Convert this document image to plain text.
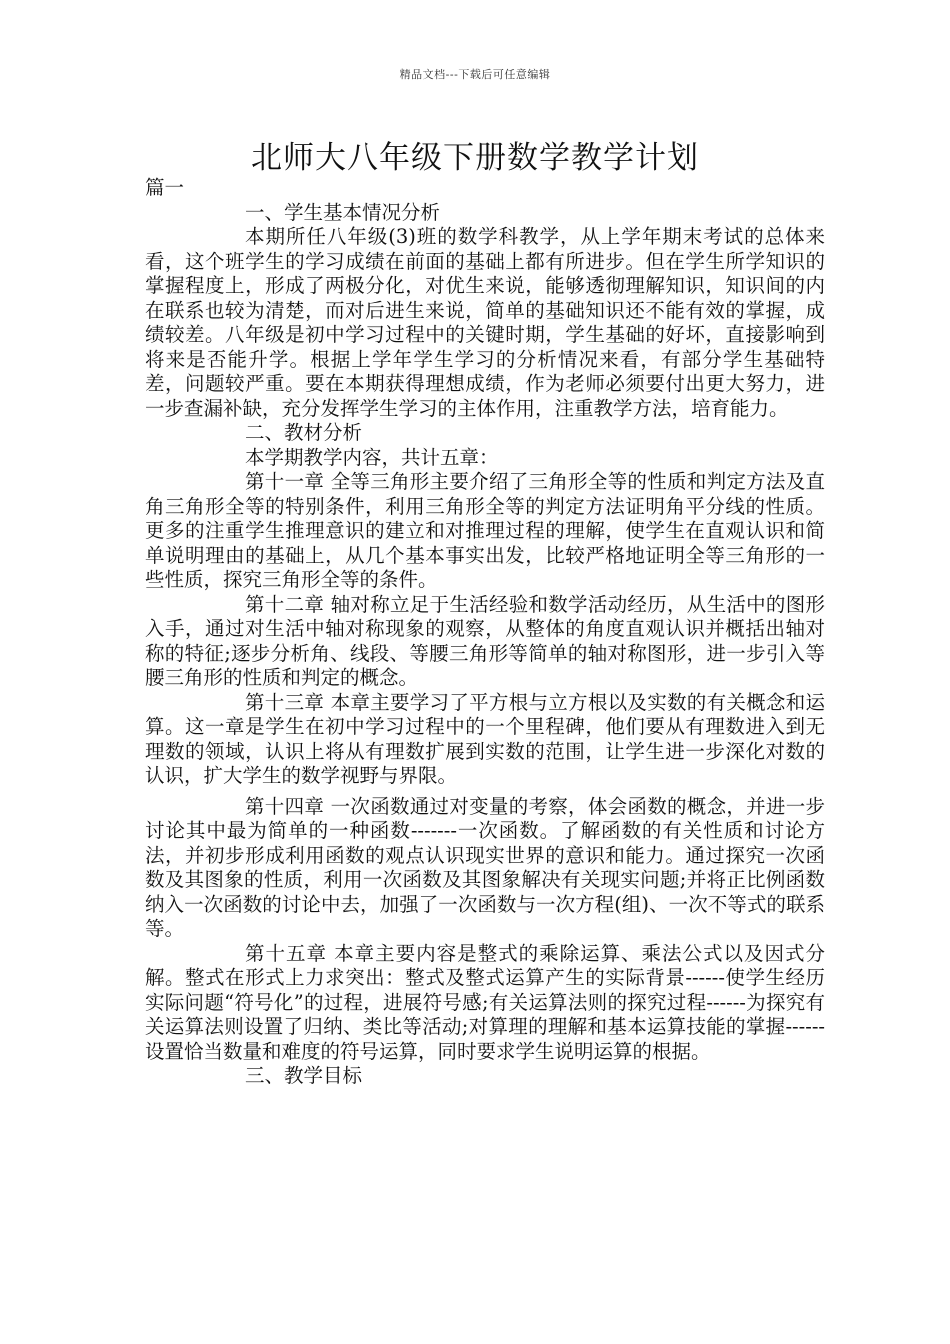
精品文档---下载后可任意编辑
北师大八年级下册数学教学计划

篇一

一、学生基本情况分析

本期所任八年级(3)班的数学科教学，从上学年期末考试的总体来看，这个班学生的学习成绩在前面的基础上都有所进步。但在学生所学知识的掌握程度上，形成了两极分化，对优生来说，能够透彻理解知识，知识间的内在联系也较为清楚，而对后进生来说，简单的基础知识还不能有效的掌握，成绩较差。八年级是初中学习过程中的关键时期，学生基础的好坏，直接影响到将来是否能升学。根据上学年学生学习的分析情况来看，有部分学生基础特差，问题较严重。要在本期获得理想成绩，作为老师必须要付出更大努力，进一步查漏补缺，充分发挥学生学习的主体作用，注重教学方法，培育能力。

二、教材分析

本学期教学内容，共计五章：

第十一章 全等三角形主要介绍了三角形全等的性质和判定方法及直角三角形全等的特别条件，利用三角形全等的判定方法证明角平分线的性质。更多的注重学生推理意识的建立和对推理过程的理解，使学生在直观认识和简单说明理由的基础上，从几个基本事实出发，比较严格地证明全等三角形的一些性质，探究三角形全等的条件。

第十二章 轴对称立足于生活经验和数学活动经历，从生活中的图形入手，通过对生活中轴对称现象的观察，从整体的角度直观认识并概括出轴对称的特征;逐步分析角、线段、等腰三角形等简单的轴对称图形，进一步引入等腰三角形的性质和判定的概念。

第十三章 本章主要学习了平方根与立方根以及实数的有关概念和运算。这一章是学生在初中学习过程中的一个里程碑，他们要从有理数进入到无理数的领域，认识上将从有理数扩展到实数的范围，让学生进一步深化对数的认识，扩大学生的数学视野与界限。

第十四章 一次函数通过对变量的考察，体会函数的概念，并进一步讨论其中最为简单的一种函数-------一次函数。了解函数的有关性质和讨论方法，并初步形成利用函数的观点认识现实世界的意识和能力。通过探究一次函数及其图象的性质，利用一次函数及其图象解决有关现实问题;并将正比例函数纳入一次函数的讨论中去，加强了一次函数与一次方程(组)、一次不等式的联系等。

第十五章 本章主要内容是整式的乘除运算、乘法公式以及因式分解。整式在形式上力求突出：整式及整式运算产生的实际背景------使学生经历实际问题“符号化”的过程，进展符号感;有关运算法则的探究过程------为探究有关运算法则设置了归纳、类比等活动;对算理的理解和基本运算技能的掌握------设置恰当数量和难度的符号运算，同时要求学生说明运算的根据。

三、教学目标
